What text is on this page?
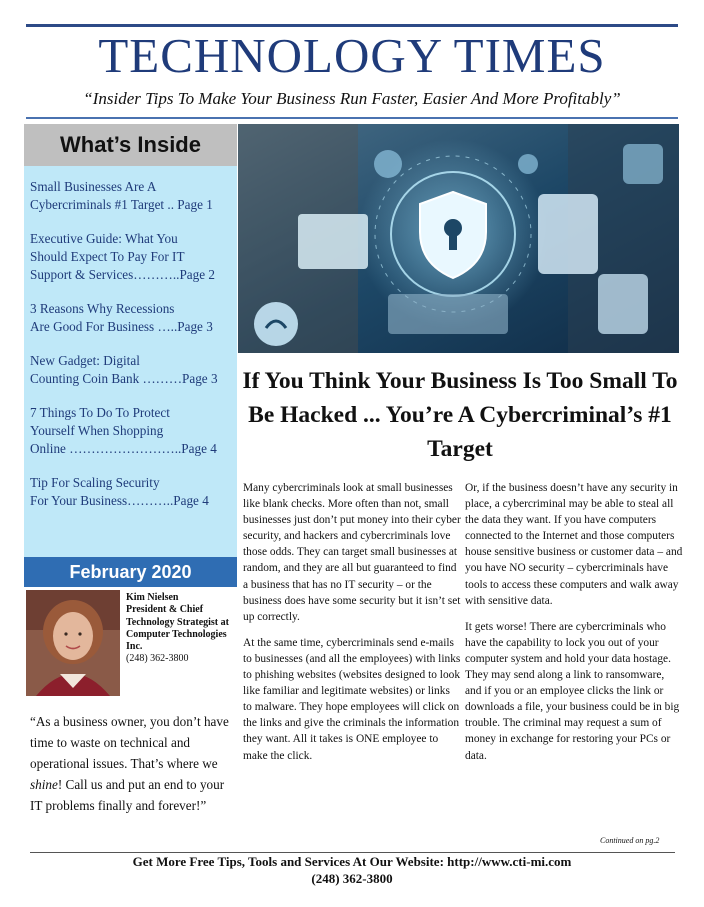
TECHNOLOGY TIMES
“Insider Tips To Make Your Business Run Faster, Easier And More Profitably”
What’s Inside
Small Businesses Are A
Cybercriminals #1 Target .. Page 1
Executive Guide: What You
Should Expect To Pay For IT
Support & Services………..Page 2
3 Reasons Why Recessions
Are Good For Business …..Page 3
New Gadget: Digital
Counting Coin Bank ………Page 3
7 Things To Do To Protect
Yourself When Shopping
Online ……………………..Page 4
Tip For Scaling Security
For Your Business………..Page 4
February 2020
Kim Nielsen
President & Chief Technology Strategist at Computer Technologies Inc.
(248) 362-3800
“As a business owner, you don’t have time to waste on technical and operational issues. That’s where we shine! Call us and put an end to your IT problems finally and forever!”
If You Think Your Business Is Too Small To Be Hacked ... You’re A Cybercriminal’s #1 Target

Many cybercriminals look at small businesses like blank checks. More often than not, small businesses just don’t put money into their cyber security, and hackers and cybercriminals love those odds. They can target small businesses at random, and they are all but guaranteed to find a business that has no IT security – or the business does have some security but it isn’t set up correctly.

At the same time, cybercriminals send e-mails to businesses (and all the employees) with links to phishing websites (websites designed to look like familiar and legitimate websites) or links to malware. They hope employees will click on the links and give the criminals the information they want. All it takes is ONE employee to make the click.

Or, if the business doesn’t have any security in place, a cybercriminal may be able to steal all the data they want. If you have computers connected to the Internet and those computers house sensitive business or customer data – and you have NO security – cybercriminals have tools to access these computers and walk away with sensitive data.

It gets worse! There are cybercriminals who have the capability to lock you out of your computer system and hold your data hostage. They may send along a link to ransomware, and if you or an employee clicks the link or downloads a file, your business could be in big trouble. The criminal may request a sum of money in exchange for restoring your PCs or data.

Continued on pg.2
Get More Free Tips, Tools and Services At Our Website: http://www.cti-mi.com
(248) 362-3800
